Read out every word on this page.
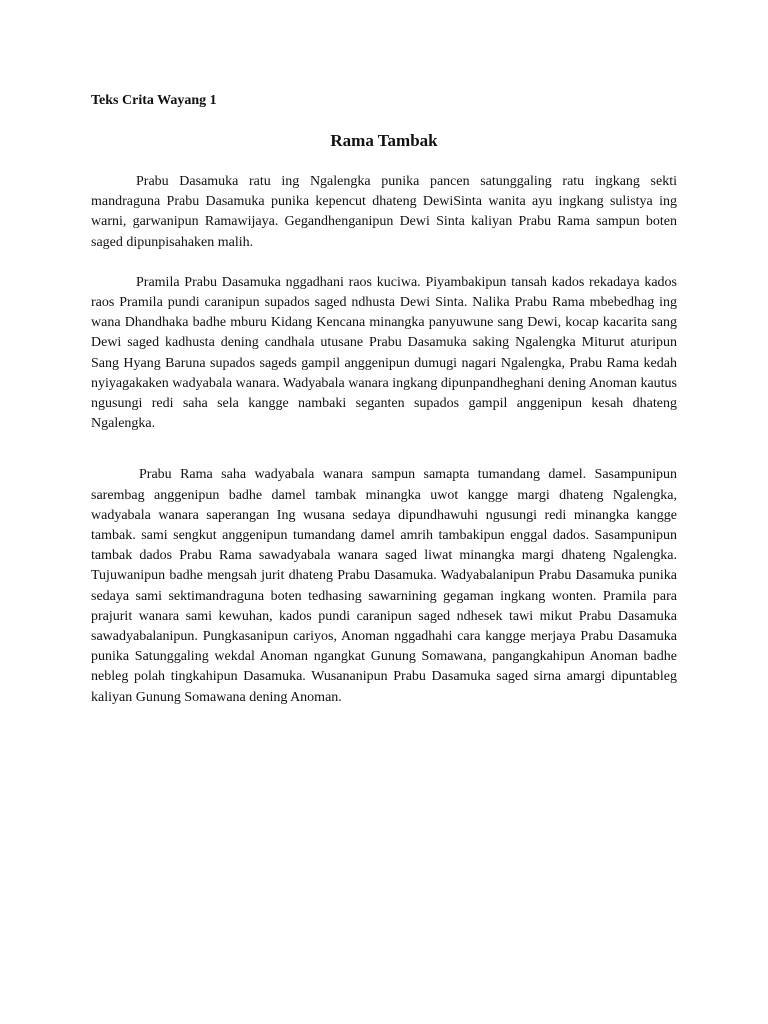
Teks Crita Wayang 1

Rama Tambak

Prabu Dasamuka ratu ing Ngalengka punika pancen satunggaling ratu ingkang sekti mandraguna Prabu Dasamuka punika kepencut dhateng DewiSinta wanita ayu ingkang sulistya ing warni, garwanipun Ramawijaya. Gegandhenganipun Dewi Sinta kaliyan Prabu Rama sampun boten saged dipunpisahaken malih.

Pramila Prabu Dasamuka nggadhani raos kuciwa. Piyambakipun tansah kados rekadaya kados raos Pramila pundi caranipun supados saged ndhusta Dewi Sinta. Nalika Prabu Rama mbebedhag ing wana Dhandhaka badhe mburu Kidang Kencana minangka panyuwune sang Dewi, kocap kacarita sang Dewi saged kadhusta dening candhala utusane Prabu Dasamuka saking Ngalengka Miturut aturipun Sang Hyang Baruna supados sageds gampil anggenipun dumugi nagari Ngalengka, Prabu Rama kedah nyiyagakaken wadyabala wanara. Wadyabala wanara ingkang dipunpandheghani dening Anoman kautus ngusungi redi saha sela kangge nambaki seganten supados gampil anggenipun kesah dhateng Ngalengka.

Prabu Rama saha wadyabala wanara sampun samapta tumandang damel. Sasampunipun sarembag anggenipun badhe damel tambak minangka uwot kangge margi dhateng Ngalengka, wadyabala wanara saperangan Ing wusana sedaya dipundhawuhi ngusungi redi minangka kangge tambak. sami sengkut anggenipun tumandang damel amrih tambakipun enggal dados. Sasampunipun tambak dados Prabu Rama sawadyabala wanara saged liwat minangka margi dhateng Ngalengka. Tujuwanipun badhe mengsah jurit dhateng Prabu Dasamuka. Wadyabalanipun Prabu Dasamuka punika sedaya sami sektimandraguna boten tedhasing sawarnining gegaman ingkang wonten. Pramila para prajurit wanara sami kewuhan, kados pundi caranipun saged ndhesek tawi mikut Prabu Dasamuka sawadyabalanipun. Pungkasanipun cariyos, Anoman nggadhahi cara kangge merjaya Prabu Dasamuka punika Satunggaling wekdal Anoman ngangkat Gunung Somawana, pangangkahipun Anoman badhe nebleg polah tingkahipun Dasamuka. Wusananipun Prabu Dasamuka saged sirna amargi dipuntableg kaliyan Gunung Somawana dening Anoman.
